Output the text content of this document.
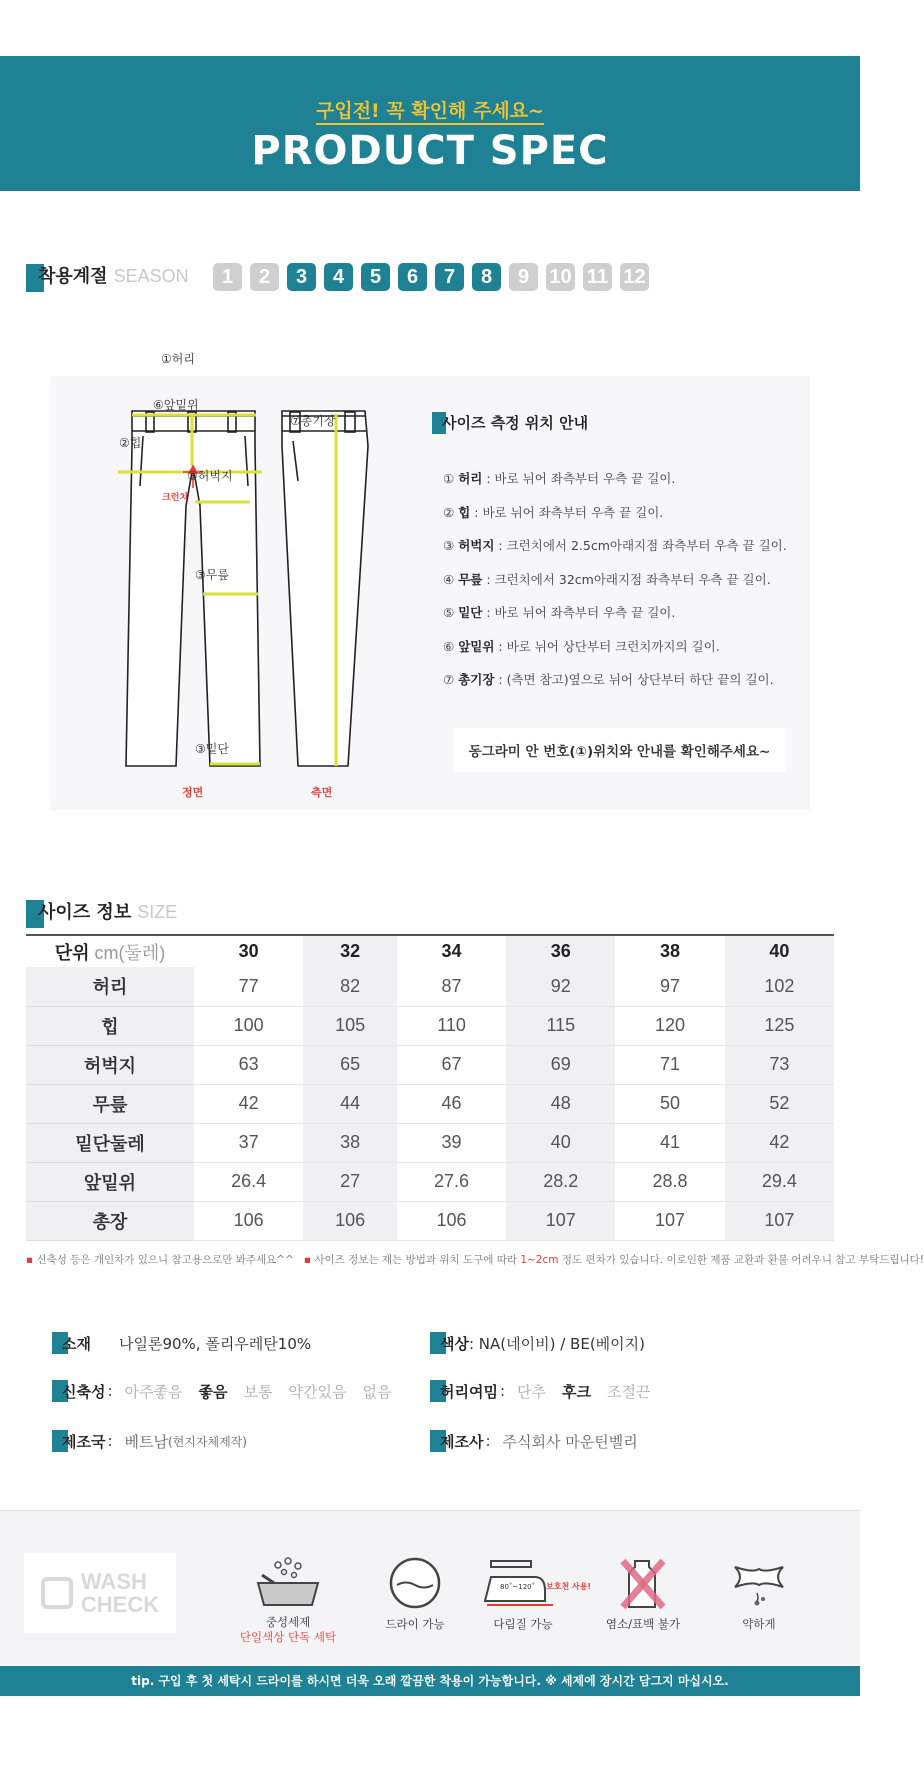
구입전! 꼭 확인해 주세요~
PRODUCT SPEC
착용계절 SEASON	1	2	3	4	5	6	7	8	9	10 11 12
①허리
⑥앞밑위
②힙
③허벅지
크런치
③무릎
③밑단
⑦총기장
정면	측면
사이즈 측정 위치 안내
① 허리 : 바로 뉘어 좌측부터 우측 끝 길이.
② 힙 : 바로 뉘어 좌측부터 우측 끝 길이.
③ 허벅지 : 크런치에서 2.5cm아래지점 좌측부터 우측 끝 길이.
④ 무릎 : 크런치에서 32cm아래지점 좌측부터 우측 끝 길이.
⑤ 밑단 : 바로 뉘어 좌측부터 우측 끝 길이.
⑥ 앞밑위 : 바로 뉘어 상단부터 크런치까지의 길이.
⑦ 총기장 : (측면 참고)옆으로 뉘어 상단부터 하단 끝의 길이.
동그라미 안 번호(①)위치와 안내를 확인해주세요~
사이즈 정보 SIZE
단위 cm(둘레)	30	32	34	36	38	40
허리	77	82	87	92	97	102
힙	100	105	110	115	120	125
허벅지	63	65	67	69	71	73
무릎	42	44	46	48	50	52
밑단둘레	37	38	39	40	41	42
앞밑위	26.4	27	27.6	28.2	28.8	29.4
총장	106	106	106	107	107	107
▪ 신축성 등은 개인차가 있으니 참고용으로만 봐주세요^^ ▪ 사이즈 정보는 재는 방법과 위치 도구에 따라 1~2cm 정도 편차가 있습니다. 이로인한 제품 교환과 환불 어려우니 참고 부탁드립니다!
소재 나일론90%, 폴리우레탄10%	색상 : NA(네이비) / BE(베이지)
신축성 : 아주좋음 좋음 보통 약간있음 없음	허리여밈 : 단추 후크 조절끈
제조국 : 베트남 (현지자체제작)	제조사 : 주식회사 마운틴벨리
WASH
CHECK
중성세제
단일색상 단독 세탁
드라이 가능
80˚~120˚ 보호천 사용!
다림질 가능	염소/표백 불가	약하게
tip. 구입 후 첫 세탁시 드라이를 하시면 더욱 오래 깔끔한 착용이 가능합니다. ※ 세제에 장시간 담그지 마십시오.
